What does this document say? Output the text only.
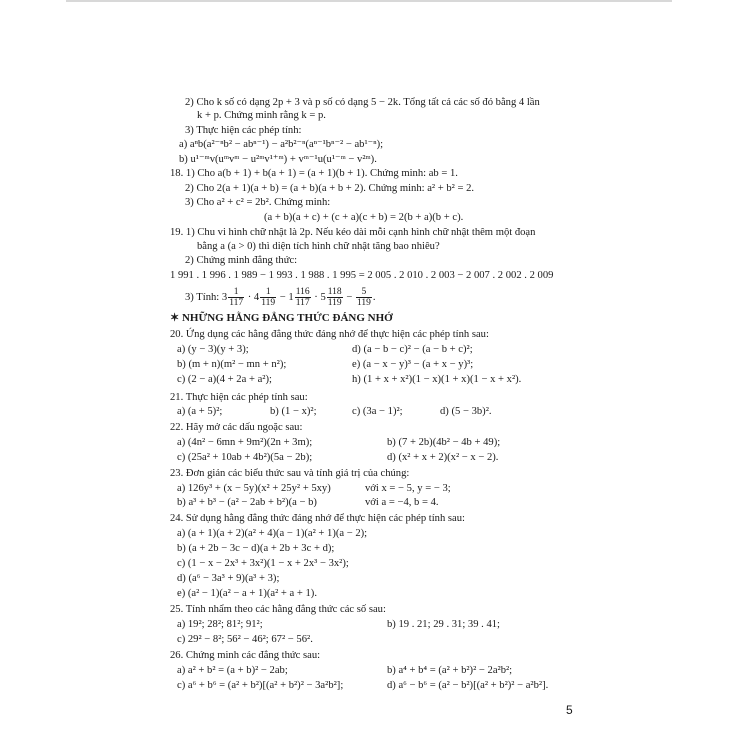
2) Cho k số có dạng 2p + 3 và p số có dạng 5 − 2k. Tổng tất cả các số đó bằng 4 lần
k + p. Chứng minh rằng k = p.
3) Thực hiện các phép tính:
a) aⁿb(a²⁻ⁿb² − abⁿ⁻¹) − a²b²⁻ⁿ(aⁿ⁻¹bⁿ⁻² − ab¹⁻ⁿ);
b) u¹⁻ᵐv(uᵐvᵐ − u²ᵐv¹⁺ᵐ) + vᵐ⁻¹u(u¹⁻ᵐ − v²ᵐ).
18. 1) Cho a(b + 1) + b(a + 1) = (a + 1)(b + 1). Chứng minh: ab = 1.
2) Cho 2(a + 1)(a + b) = (a + b)(a + b + 2). Chứng minh: a² + b² = 2.
3) Cho a² + c² = 2b². Chứng minh:
(a + b)(a + c) + (c + a)(c + b) = 2(b + a)(b + c).
19. 1) Chu vi hình chữ nhật là 2p. Nếu kéo dài mỗi cạnh hình chữ nhật thêm một đoạn
bằng a (a > 0) thì diện tích hình chữ nhật tăng bao nhiêu?
2) Chứng minh đẳng thức:
1 991 . 1 996 . 1 989 − 1 993 . 1 988 . 1 995 = 2 005 . 2 010 . 2 003 − 2 007 . 2 002 . 2 009
3) Tính: $3 \frac{1}{117} \cdot 4 \frac{1}{119} - 1 \frac{116}{117} \cdot 5 \frac{118}{119} - \frac{5}{119}$ .
✶ NHỮNG HẰNG ĐẲNG THỨC ĐÁNG NHỚ
20. Ứng dụng các hằng đẳng thức đáng nhớ để thực hiện các phép tính sau:
a) (y − 3)(y + 3);	d) (a − b − c)² − (a − b + c)²;
b) (m + n)(m² − mn + n²);	e) (a − x − y)³ − (a + x − y)³;
c) (2 − a)(4 + 2a + a²);	h) (1 + x + x²)(1 − x)(1 + x)(1 − x + x²).
21. Thực hiện các phép tính sau:
a) (a + 5)²;	b) (1 − x)²;	c) (3a − 1)²;	d) (5 − 3b)².
22. Hãy mở các dấu ngoặc sau:
a) (4n² − 6mn + 9m²)(2n + 3m);	b) (7 + 2b)(4b² − 4b + 49);
c) (25a² + 10ab + 4b²)(5a − 2b);	d) (x² + x + 2)(x² − x − 2).
23. Đơn giản các biểu thức sau và tính giá trị của chúng:
a) 126y³ + (x − 5y)(x² + 25y² + 5xy)	với x = − 5, y = − 3;
b) a³ + b³ − (a² − 2ab + b²)(a − b)	với a = −4, b = 4.
24. Sử dụng hằng đẳng thức đáng nhớ để thực hiện các phép tính sau:
a) (a + 1)(a + 2)(a² + 4)(a − 1)(a² + 1)(a − 2);
b) (a + 2b − 3c − d)(a + 2b + 3c + d);
c) (1 − x − 2x³ + 3x²)(1 − x + 2x³ − 3x²);
d) (a⁶ − 3a³ + 9)(a³ + 3);
e) (a² − 1)(a² − a + 1)(a² + a + 1).
25. Tính nhẩm theo các hằng đẳng thức các số sau:
a) 19²; 28²; 81²; 91²;	b) 19 . 21; 29 . 31; 39 . 41;
c) 29² − 8²; 56² − 46²; 67² − 56².
26. Chứng minh các đẳng thức sau:
a) a² + b² = (a + b)² − 2ab;	b) a⁴ + b⁴ = (a² + b²)² − 2a²b²;
c) a⁶ + b⁶ = (a² + b²)[(a² + b²)² − 3a²b²];	d) a⁶ − b⁶ = (a² − b²)[(a² + b²)² − a²b²].
5
